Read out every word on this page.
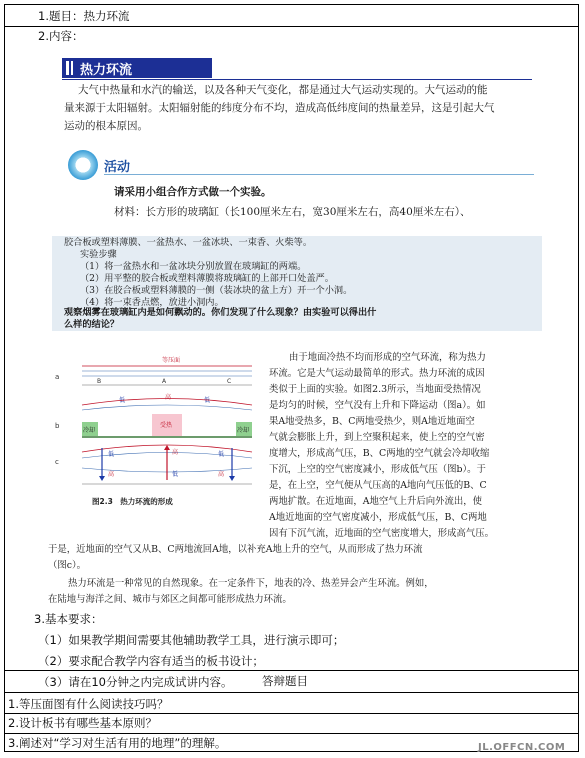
1.题目：热力环流
2.内容：
热力环流
大气中热量和水汽的输送，以及各种天气变化，都是通过大气运动实现的。大气运动的能
量来源于太阳辐射。太阳辐射能的纬度分布不均，造成高低纬度间的热量差异，这是引起大气
运动的根本原因。
活动
请采用小组合作方式做一个实验。
材料：长方形的玻璃缸（长100厘米左右，宽30厘米左右，高40厘米左右）、
胶合板或塑料薄膜、一盆热水、一盆冰块、一束香、火柴等。
实验步骤
（1）将一盆热水和一盆冰块分别放置在玻璃缸的两端。
（2）用平整的胶合板或塑料薄膜将玻璃缸的上部开口处盖严。
（3）在胶合板或塑料薄膜的一侧（装冰块的盆上方）开一个小洞。
（4）将一束香点燃，放进小洞内。
观察烟雾在玻璃缸内是如何飘动的。你们发现了什么现象？由实验可以得出什
么样的结论？
等压面
a
B	A	C
低	高	低
b
冷却	冷却
受热
c
高
低
低
高
低
高
图2.3　热力环流的形成
由于地面冷热不均而形成的空气环流，称为热力
环流。它是大气运动最简单的形式。热力环流的成因
类似于上面的实验。如图2.3所示，当地面受热情况
是均匀的时候，空气没有上升和下降运动（图a）。如
果A地受热多，B、C两地受热少，则A地近地面空
气就会膨胀上升，到上空聚积起来，使上空的空气密
度增大，形成高气压，B、C两地的空气就会冷却收缩
下沉，上空的空气密度减小，形成低气压（图b）。于
是，在上空，空气便从气压高的A地向气压低的B、C
两地扩散。在近地面，A地空气上升后向外流出，使
A地近地面的空气密度减小，形成低气压，B、C两地
因有下沉气流，近地面的空气密度增大，形成高气压。
于是，近地面的空气又从B、C两地流回A地，以补充A地上升的空气，从而形成了热力环流
（图c）。
热力环流是一种常见的自然现象。在一定条件下，地表的冷、热差异会产生环流。例如，
在陆地与海洋之间、城市与郊区之间都可能形成热力环流。
3.基本要求：
（1）如果教学期间需要其他辅助教学工具，进行演示即可；
（2）要求配合教学内容有适当的板书设计；
（3）请在10分钟之内完成试讲内容。	答辩题目
1.等压面图有什么阅读技巧吗？
2.设计板书有哪些基本原则？
3.阐述对“学习对生活有用的地理”的理解。	JL.OFFCN.COM
